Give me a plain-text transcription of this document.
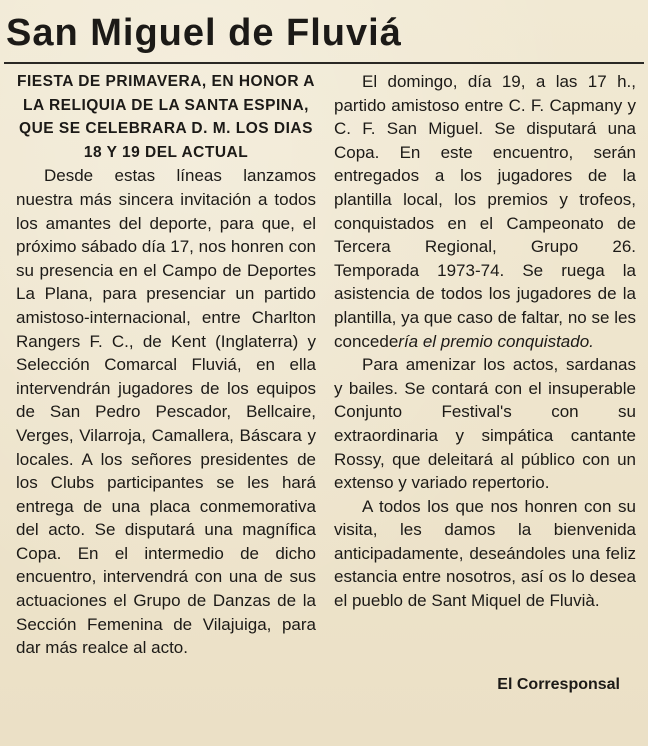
San Miguel de Fluviá

FIESTA DE PRIMAVERA, EN HONOR A LA RELIQUIA DE LA SANTA ESPINA, QUE SE CELEBRARA D. M. LOS DIAS 18 Y 19 DEL ACTUAL

Desde estas líneas lanzamos nuestra más sincera invitación a todos los amantes del deporte, para que, el próximo sábado día 17, nos honren con su presencia en el Campo de Deportes La Plana, para presenciar un partido amistoso-internacional, entre Charlton Rangers F. C., de Kent (Inglaterra) y Selección Comarcal Fluviá, en ella intervendrán jugadores de los equipos de San Pedro Pescador, Bellcaire, Verges, Vilarroja, Camallera, Báscara y locales. A los señores presidentes de los Clubs participantes se les hará entrega de una placa conmemorativa del acto. Se disputará una magnífica Copa. En el intermedio de dicho encuentro, intervendrá con una de sus actuaciones el Grupo de Danzas de la Sección Femenina de Vilajuiga, para dar más realce al acto.

El domingo, día 19, a las 17 h., partido amistoso entre C. F. Capmany y C. F. San Miguel. Se disputará una Copa. En este encuentro, serán entregados a los jugadores de la plantilla local, los premios y trofeos, conquistados en el Campeonato de Tercera Regional, Grupo 26. Temporada 1973-74. Se ruega la asistencia de todos los jugadores de la plantilla, ya que caso de faltar, no se les concedería el premio conquistado.

Para amenizar los actos, sardanas y bailes. Se contará con el insuperable Conjunto Festival's con su extraordinaria y simpática cantante Rossy, que deleitará al público con un extenso y variado repertorio.

A todos los que nos honren con su visita, les damos la bienvenida anticipadamente, deseándoles una feliz estancia entre nosotros, así os lo desea el pueblo de Sant Miquel de Fluvià.

El Corresponsal
